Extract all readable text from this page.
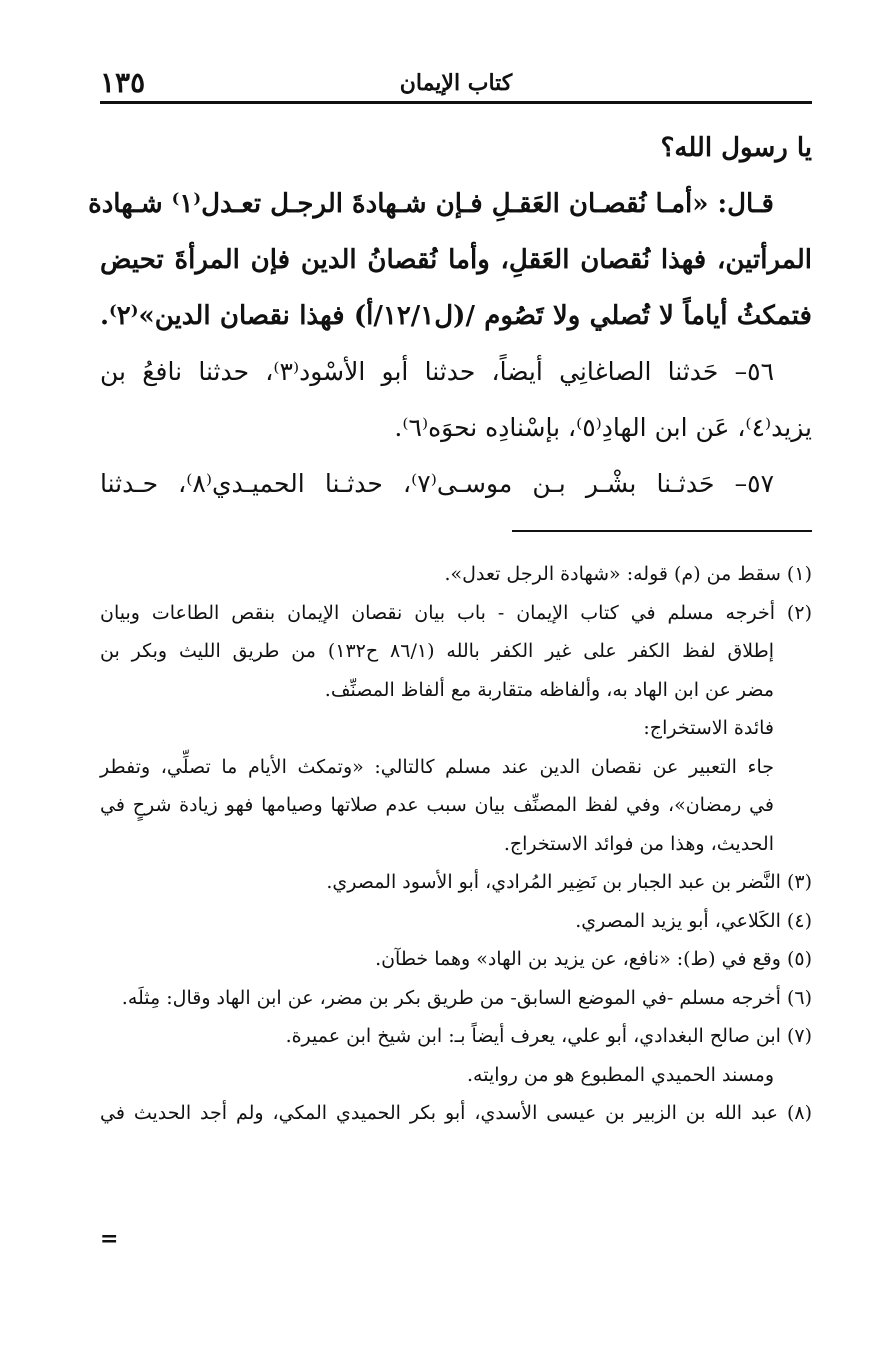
١٣٥	كتاب الإيمان
يا رسول الله؟
قـال: «أمـا نُقصـان العَقـلِ فـإن شـهادةَ الرجـل تعـدل⁽١⁾ شـهادة
المرأتين، فهذا نُقصان العَقلِ، وأما نُقصانُ الدين فإن المرأةَ تحيض
فتمكثُ أياماً لا تُصلي ولا تَصُوم /(ل١٢/١/أ) فهذا نقصان الدين»⁽٢⁾.
٥٦– حَدثنا الصاغانِي أيضاً، حدثنا أبو الأسْود⁽٣⁾، حدثنا نافعُ بن
يزيد⁽٤⁾، عَن ابن الهادِ⁽٥⁾، بإسْنادِه نحوَه⁽٦⁾.
٥٧– حَدثـنا بشْـر بـن موسـى⁽٧⁾، حدثـنا الحميـدي⁽٨⁾، حـدثنا
(١) سقط من (م) قوله: «شهادة الرجل تعدل».
(٢) أخرجه مسلم في كتاب الإيمان - باب بيان نقصان الإيمان بنقص الطاعات وبيان
إطلاق لفظ الكفر على غير الكفر بالله (٨٦/١ ح١٣٢) من طريق الليث وبكر بن
مضر عن ابن الهاد به، وألفاظه متقاربة مع ألفاظ المصنِّف.
فائدة الاستخراج:
جاء التعبير عن نقصان الدين عند مسلم كالتالي: «وتمكث الأيام ما تصلِّي، وتفطر
في رمضان»، وفي لفظ المصنِّف بيان سبب عدم صلاتها وصيامها فهو زيادة شرحٍ في
الحديث، وهذا من فوائد الاستخراج.
(٣) النَّضر بن عبد الجبار بن نَضِير المُرادي، أبو الأسود المصري.
(٤) الكَلاعي، أبو يزيد المصري.
(٥) وقع في (ط): «نافع، عن يزيد بن الهاد» وهما خطآن.
(٦) أخرجه مسلم -في الموضع السابق- من طريق بكر بن مضر، عن ابن الهاد وقال: مِثلَه.
(٧) ابن صالح البغدادي، أبو علي، يعرف أيضاً بـ: ابن شيخ ابن عميرة.
ومسند الحميدي المطبوع هو من روايته.
(٨) عبد الله بن الزبير بن عيسى الأسدي، أبو بكر الحميدي المكي، ولم أجد الحديث في
=
